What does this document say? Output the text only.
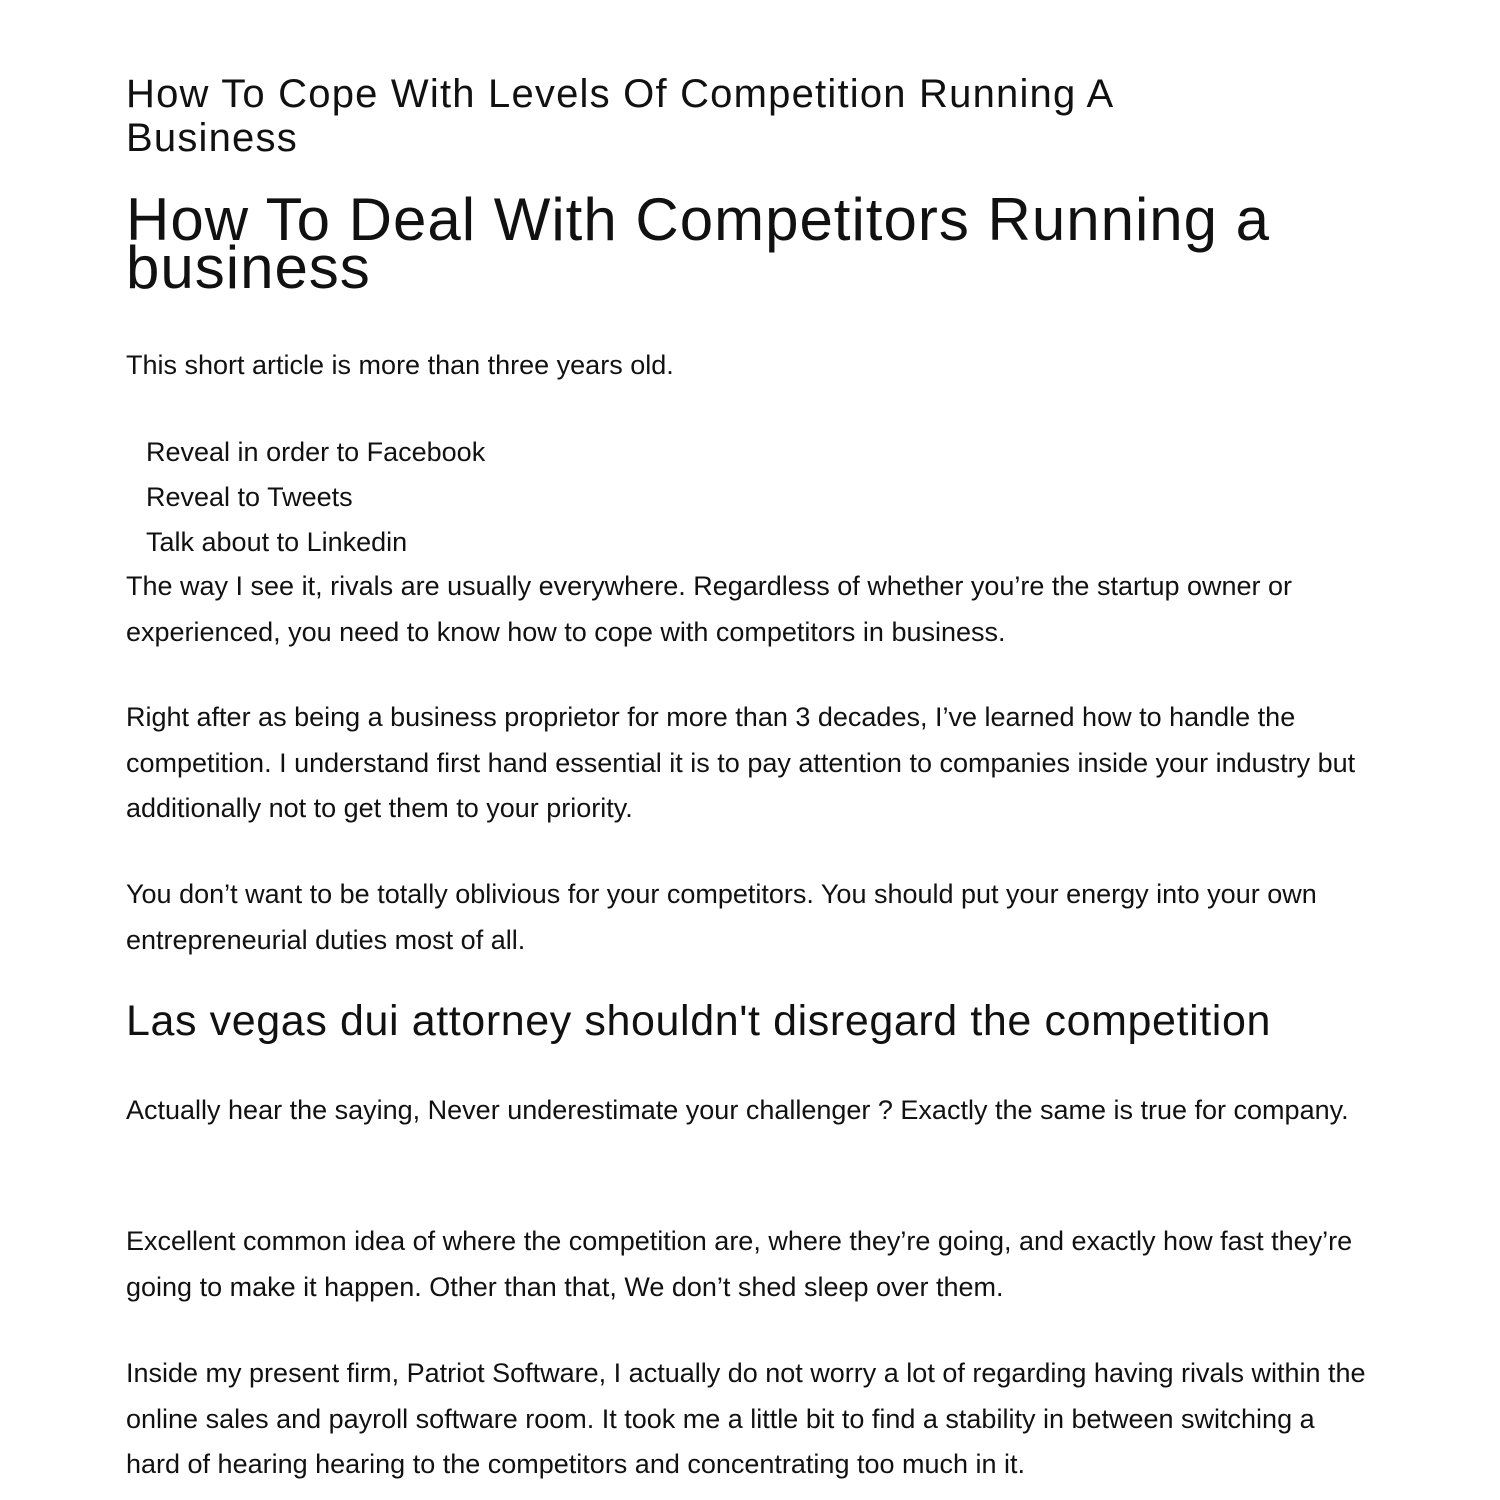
How To Cope With Levels Of Competition Running A Business
How To Deal With Competitors Running a business

This short article is more than three years old.

Reveal in order to Facebook
Reveal to Tweets
Talk about to Linkedin

The way I see it, rivals are usually everywhere. Regardless of whether you’re the startup owner or experienced, you need to know how to cope with competitors in business.

Right after as being a business proprietor for more than 3 decades, I’ve learned how to handle the competition. I understand first hand essential it is to pay attention to companies inside your industry but additionally not to get them to your priority.

You don’t want to be totally oblivious for your competitors. You should put your energy into your own entrepreneurial duties most of all.

Las vegas dui attorney shouldn't disregard the competition

Actually hear the saying, Never underestimate your challenger ? Exactly the same is true for company.

Excellent common idea of where the competition are, where they’re going, and exactly how fast they’re going to make it happen. Other than that, We don’t shed sleep over them.

Inside my present firm, Patriot Software, I actually do not worry a lot of regarding having rivals within the online sales and payroll software room. It took me a little bit to find a stability in between switching a hard of hearing hearing to the competitors and concentrating too much in it.
